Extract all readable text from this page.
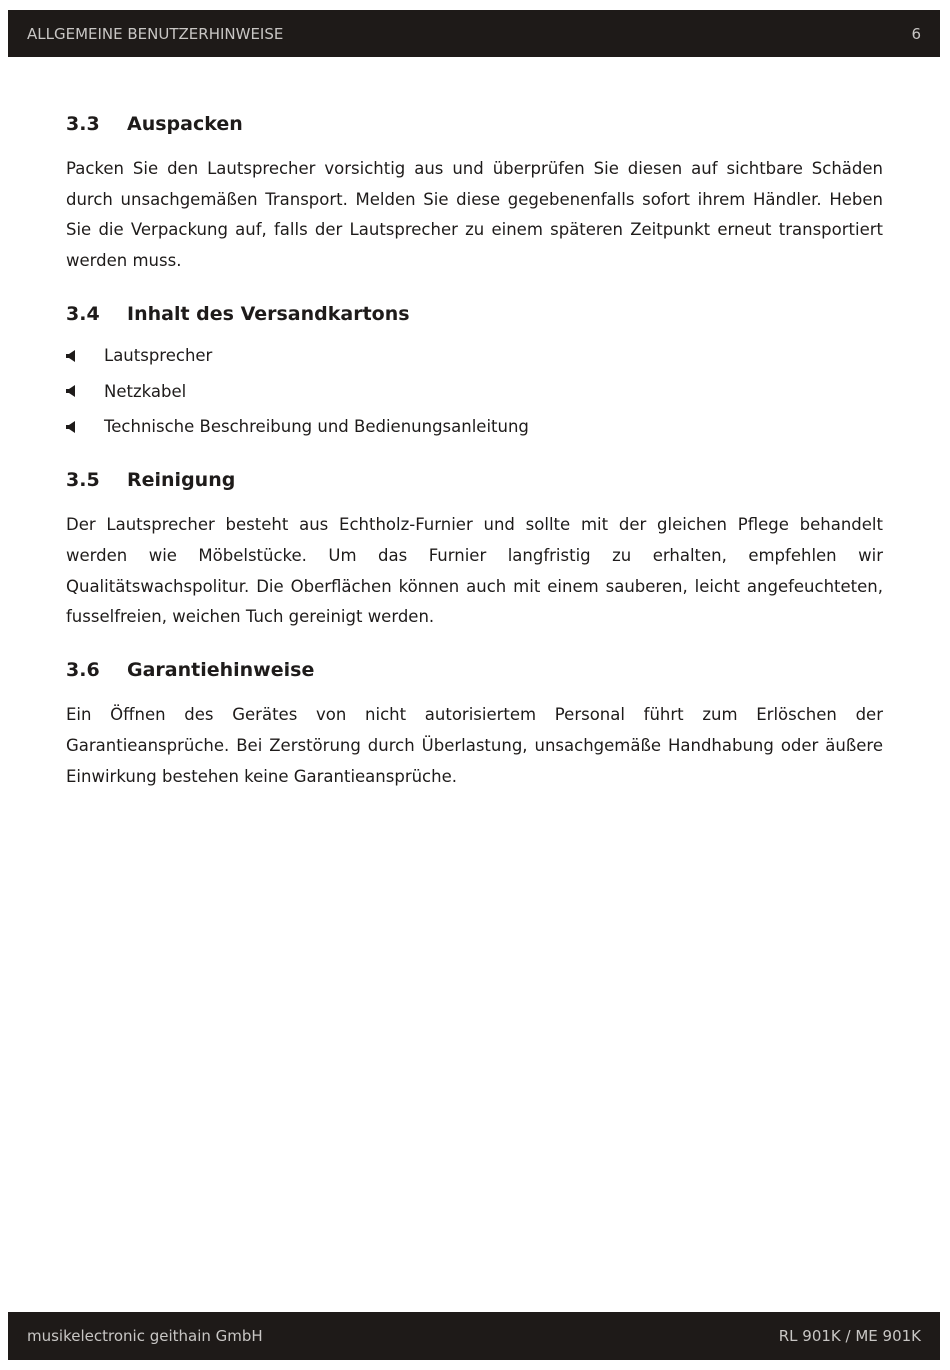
ALLGEMEINE BENUTZERHINWEISE	6
3.3	Auspacken

Packen Sie den Lautsprecher vorsichtig aus und überprüfen Sie diesen auf sichtbare Schäden durch unsachgemäßen Transport. Melden Sie diese gegebenenfalls sofort ihrem Händler. Heben Sie die Verpackung auf, falls der Lautsprecher zu einem späteren Zeitpunkt erneut transportiert werden muss.

3.4	Inhalt des Versandkartons
Lautsprecher
Netzkabel
Technische Beschreibung und Bedienungsanleitung
3.5	Reinigung

Der Lautsprecher besteht aus Echtholz-Furnier und sollte mit der gleichen Pflege behandelt werden wie Möbelstücke. Um das Furnier langfristig zu erhalten, empfehlen wir Qualitätswachspolitur. Die Oberflächen können auch mit einem sauberen, leicht angefeuchteten, fusselfreien, weichen Tuch gereinigt werden.

3.6	Garantiehinweise

Ein Öffnen des Gerätes von nicht autorisiertem Personal führt zum Erlöschen der Garantieansprüche. Bei Zerstörung durch Überlastung, unsachgemäße Handhabung oder äußere Einwirkung bestehen keine Garantieansprüche.

musikelectronic geithain GmbH	RL 901K / ME 901K
